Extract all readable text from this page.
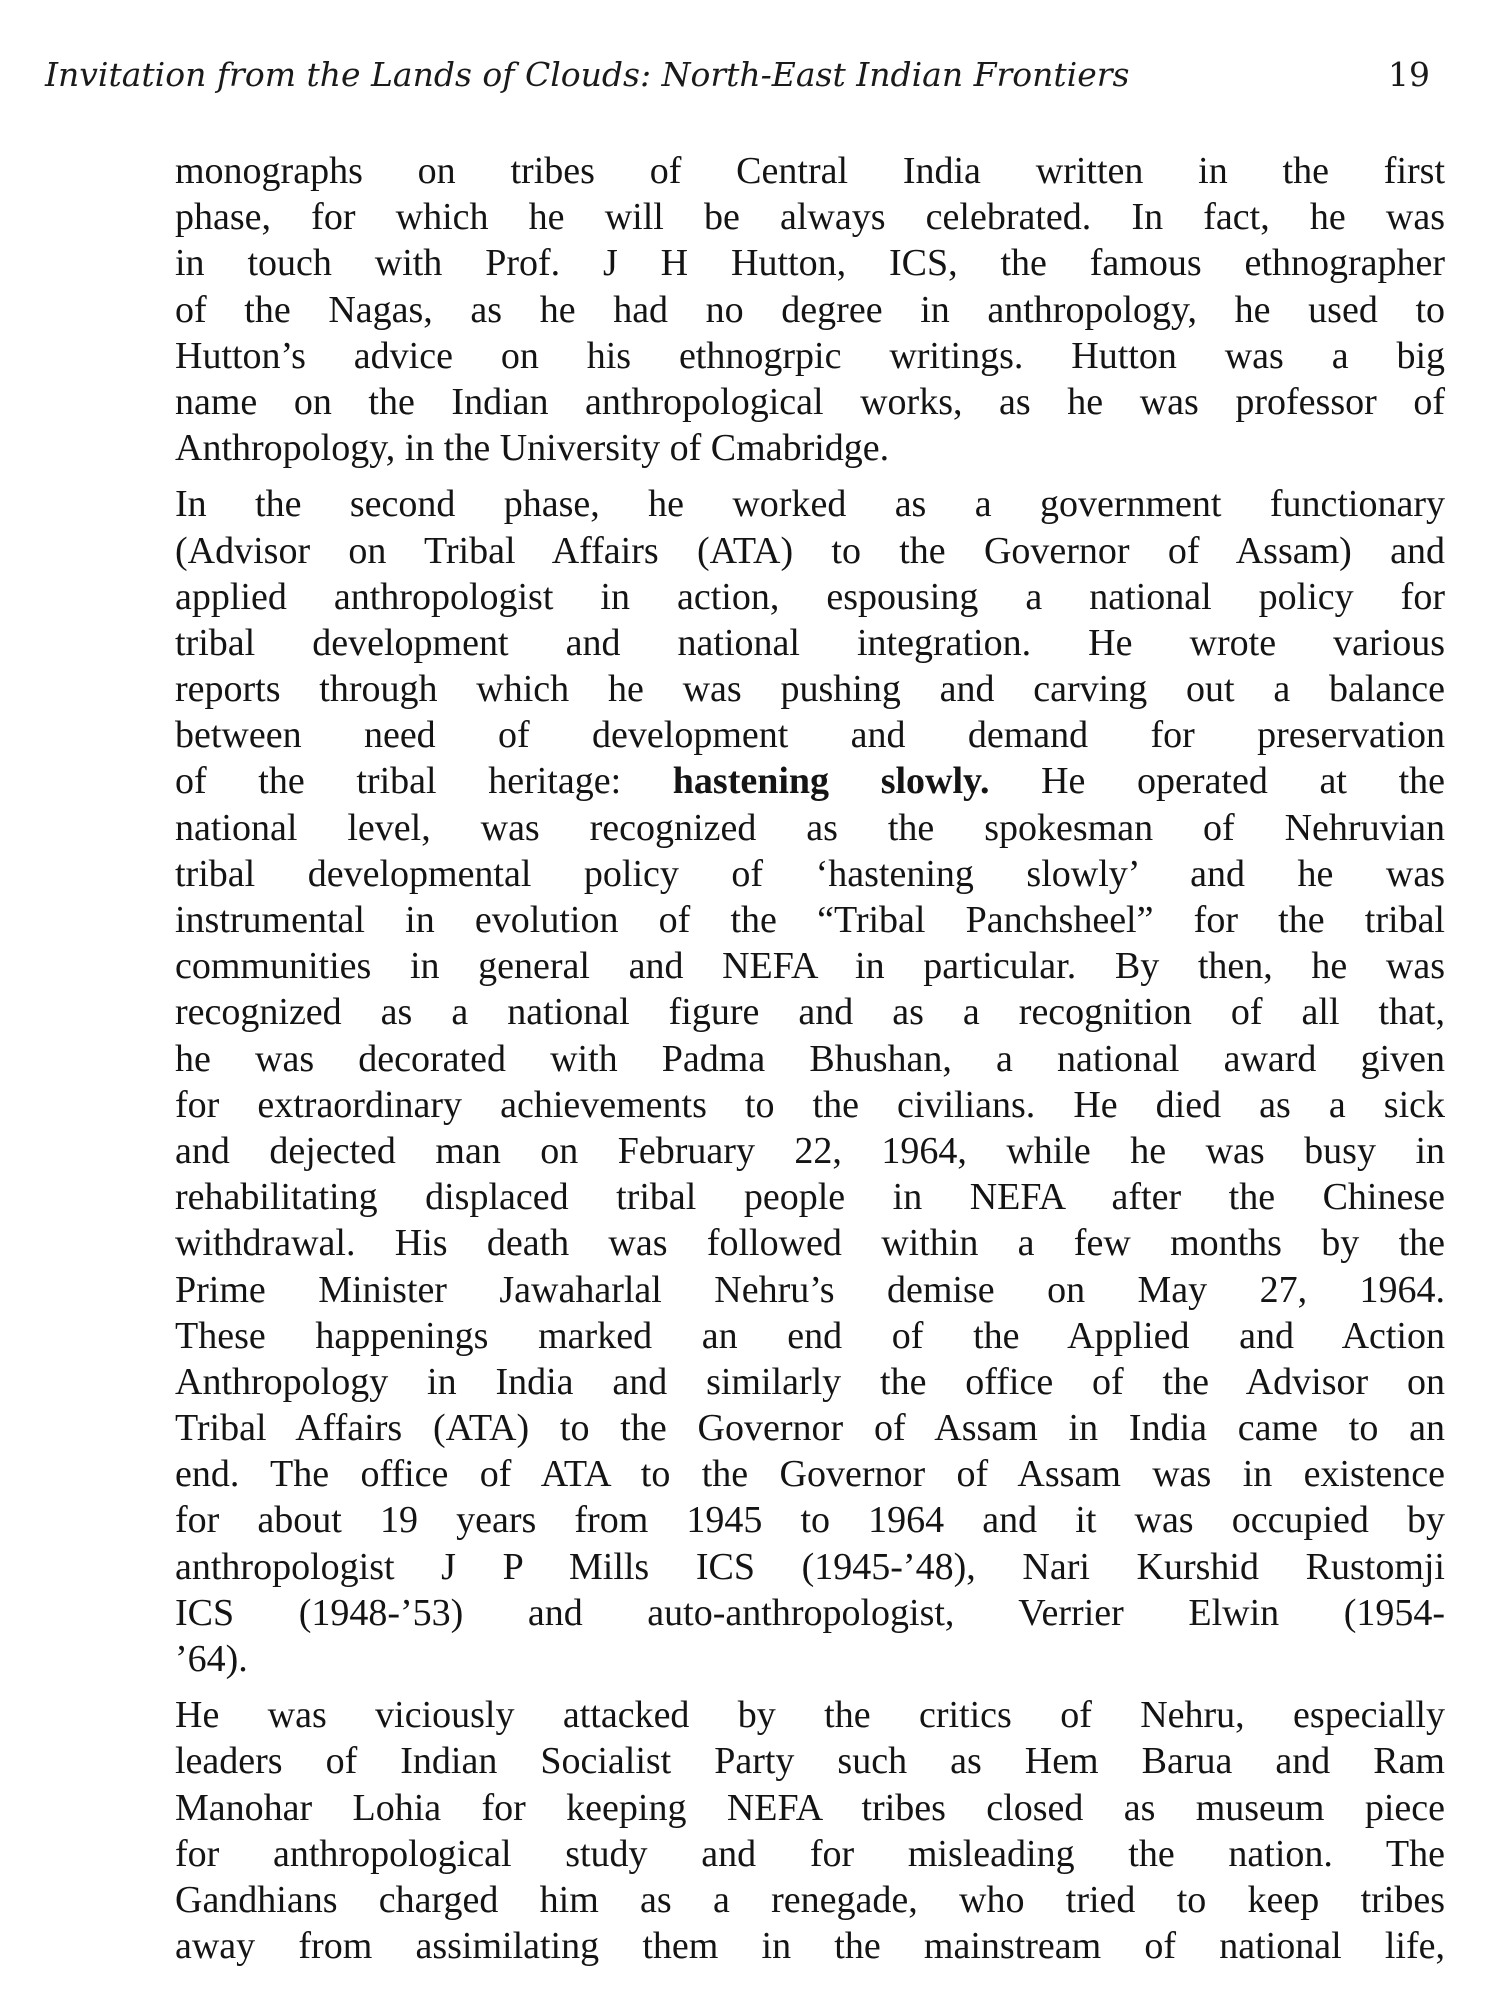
Invitation from the Lands of Clouds: North-East Indian Frontiers	19
monographs on tribes of Central India written in the first
phase, for which he will be always celebrated. In fact, he was
in touch with Prof. J H Hutton, ICS, the famous ethnographer
of the Nagas, as he had no degree in anthropology, he used to
Hutton’s advice on his ethnogrpic writings. Hutton was a big
name on the Indian anthropological works, as he was professor of
Anthropology, in the University of Cmabridge.
In the second phase, he worked as a government functionary
(Advisor on Tribal Affairs (ATA) to the Governor of Assam) and
applied anthropologist in action, espousing a national policy for
tribal development and national integration. He wrote various
reports through which he was pushing and carving out a balance
between need of development and demand for preservation
of the tribal heritage: hastening slowly. He operated at the
national level, was recognized as the spokesman of Nehruvian
tribal developmental policy of ‘hastening slowly’ and he was
instrumental in evolution of the “Tribal Panchsheel” for the tribal
communities in general and NEFA in particular. By then, he was
recognized as a national figure and as a recognition of all that,
he was decorated with Padma Bhushan, a national award given
for extraordinary achievements to the civilians. He died as a sick
and dejected man on February 22, 1964, while he was busy in
rehabilitating displaced tribal people in NEFA after the Chinese
withdrawal. His death was followed within a few months by the
Prime Minister Jawaharlal Nehru’s demise on May 27, 1964.
These happenings marked an end of the Applied and Action
Anthropology in India and similarly the office of the Advisor on
Tribal Affairs (ATA) to the Governor of Assam in India came to an
end. The office of ATA to the Governor of Assam was in existence
for about 19 years from 1945 to 1964 and it was occupied by
anthropologist J P Mills ICS (1945-’48), Nari Kurshid Rustomji
ICS (1948-’53) and auto-anthropologist, Verrier Elwin (1954-
’64).
He was viciously attacked by the critics of Nehru, especially
leaders of Indian Socialist Party such as Hem Barua and Ram
Manohar Lohia for keeping NEFA tribes closed as museum piece
for anthropological study and for misleading the nation. The
Gandhians charged him as a renegade, who tried to keep tribes
away from assimilating them in the mainstream of national life,
